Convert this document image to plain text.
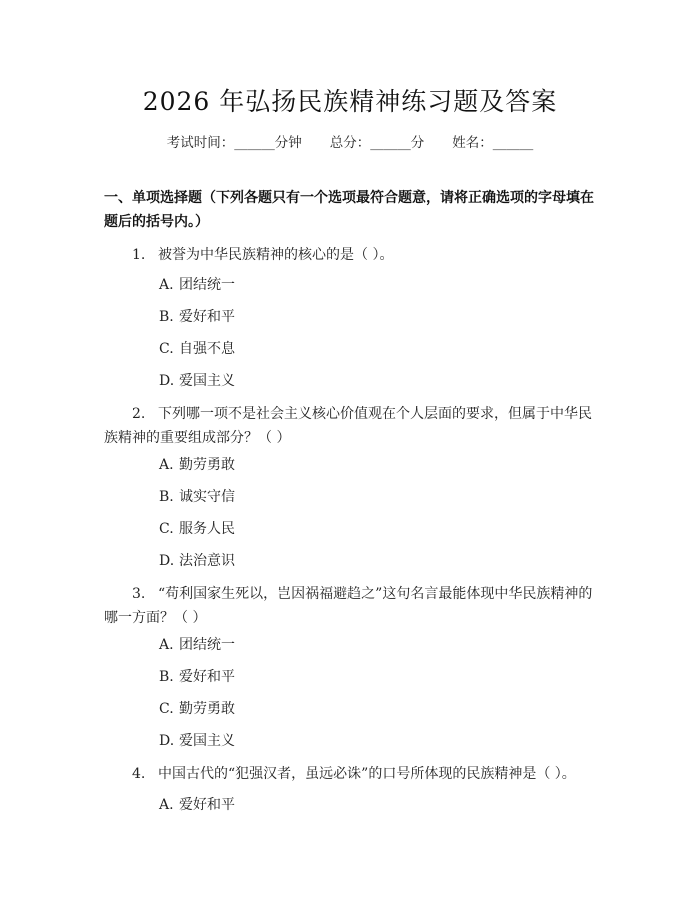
2026 年弘扬民族精神练习题及答案
考试时间：______分钟 总分：______分 姓名：______
一、单项选择题（下列各题只有一个选项最符合题意，请将正确选项的字母填在题后的括号内。）
1. 被誉为中华民族精神的核心的是（ ）。
A. 团结统一
B. 爱好和平
C. 自强不息
D. 爱国主义
2. 下列哪一项不是社会主义核心价值观在个人层面的要求，但属于中华民族精神的重要组成部分？（ ）
A. 勤劳勇敢
B. 诚实守信
C. 服务人民
D. 法治意识
3. “苟利国家生死以，岂因祸福避趋之”这句名言最能体现中华民族精神的哪一方面？（ ）
A. 团结统一
B. 爱好和平
C. 勤劳勇敢
D. 爱国主义
4. 中国古代的“犯强汉者，虽远必诛”的口号所体现的民族精神是（ ）。
A. 爱好和平
